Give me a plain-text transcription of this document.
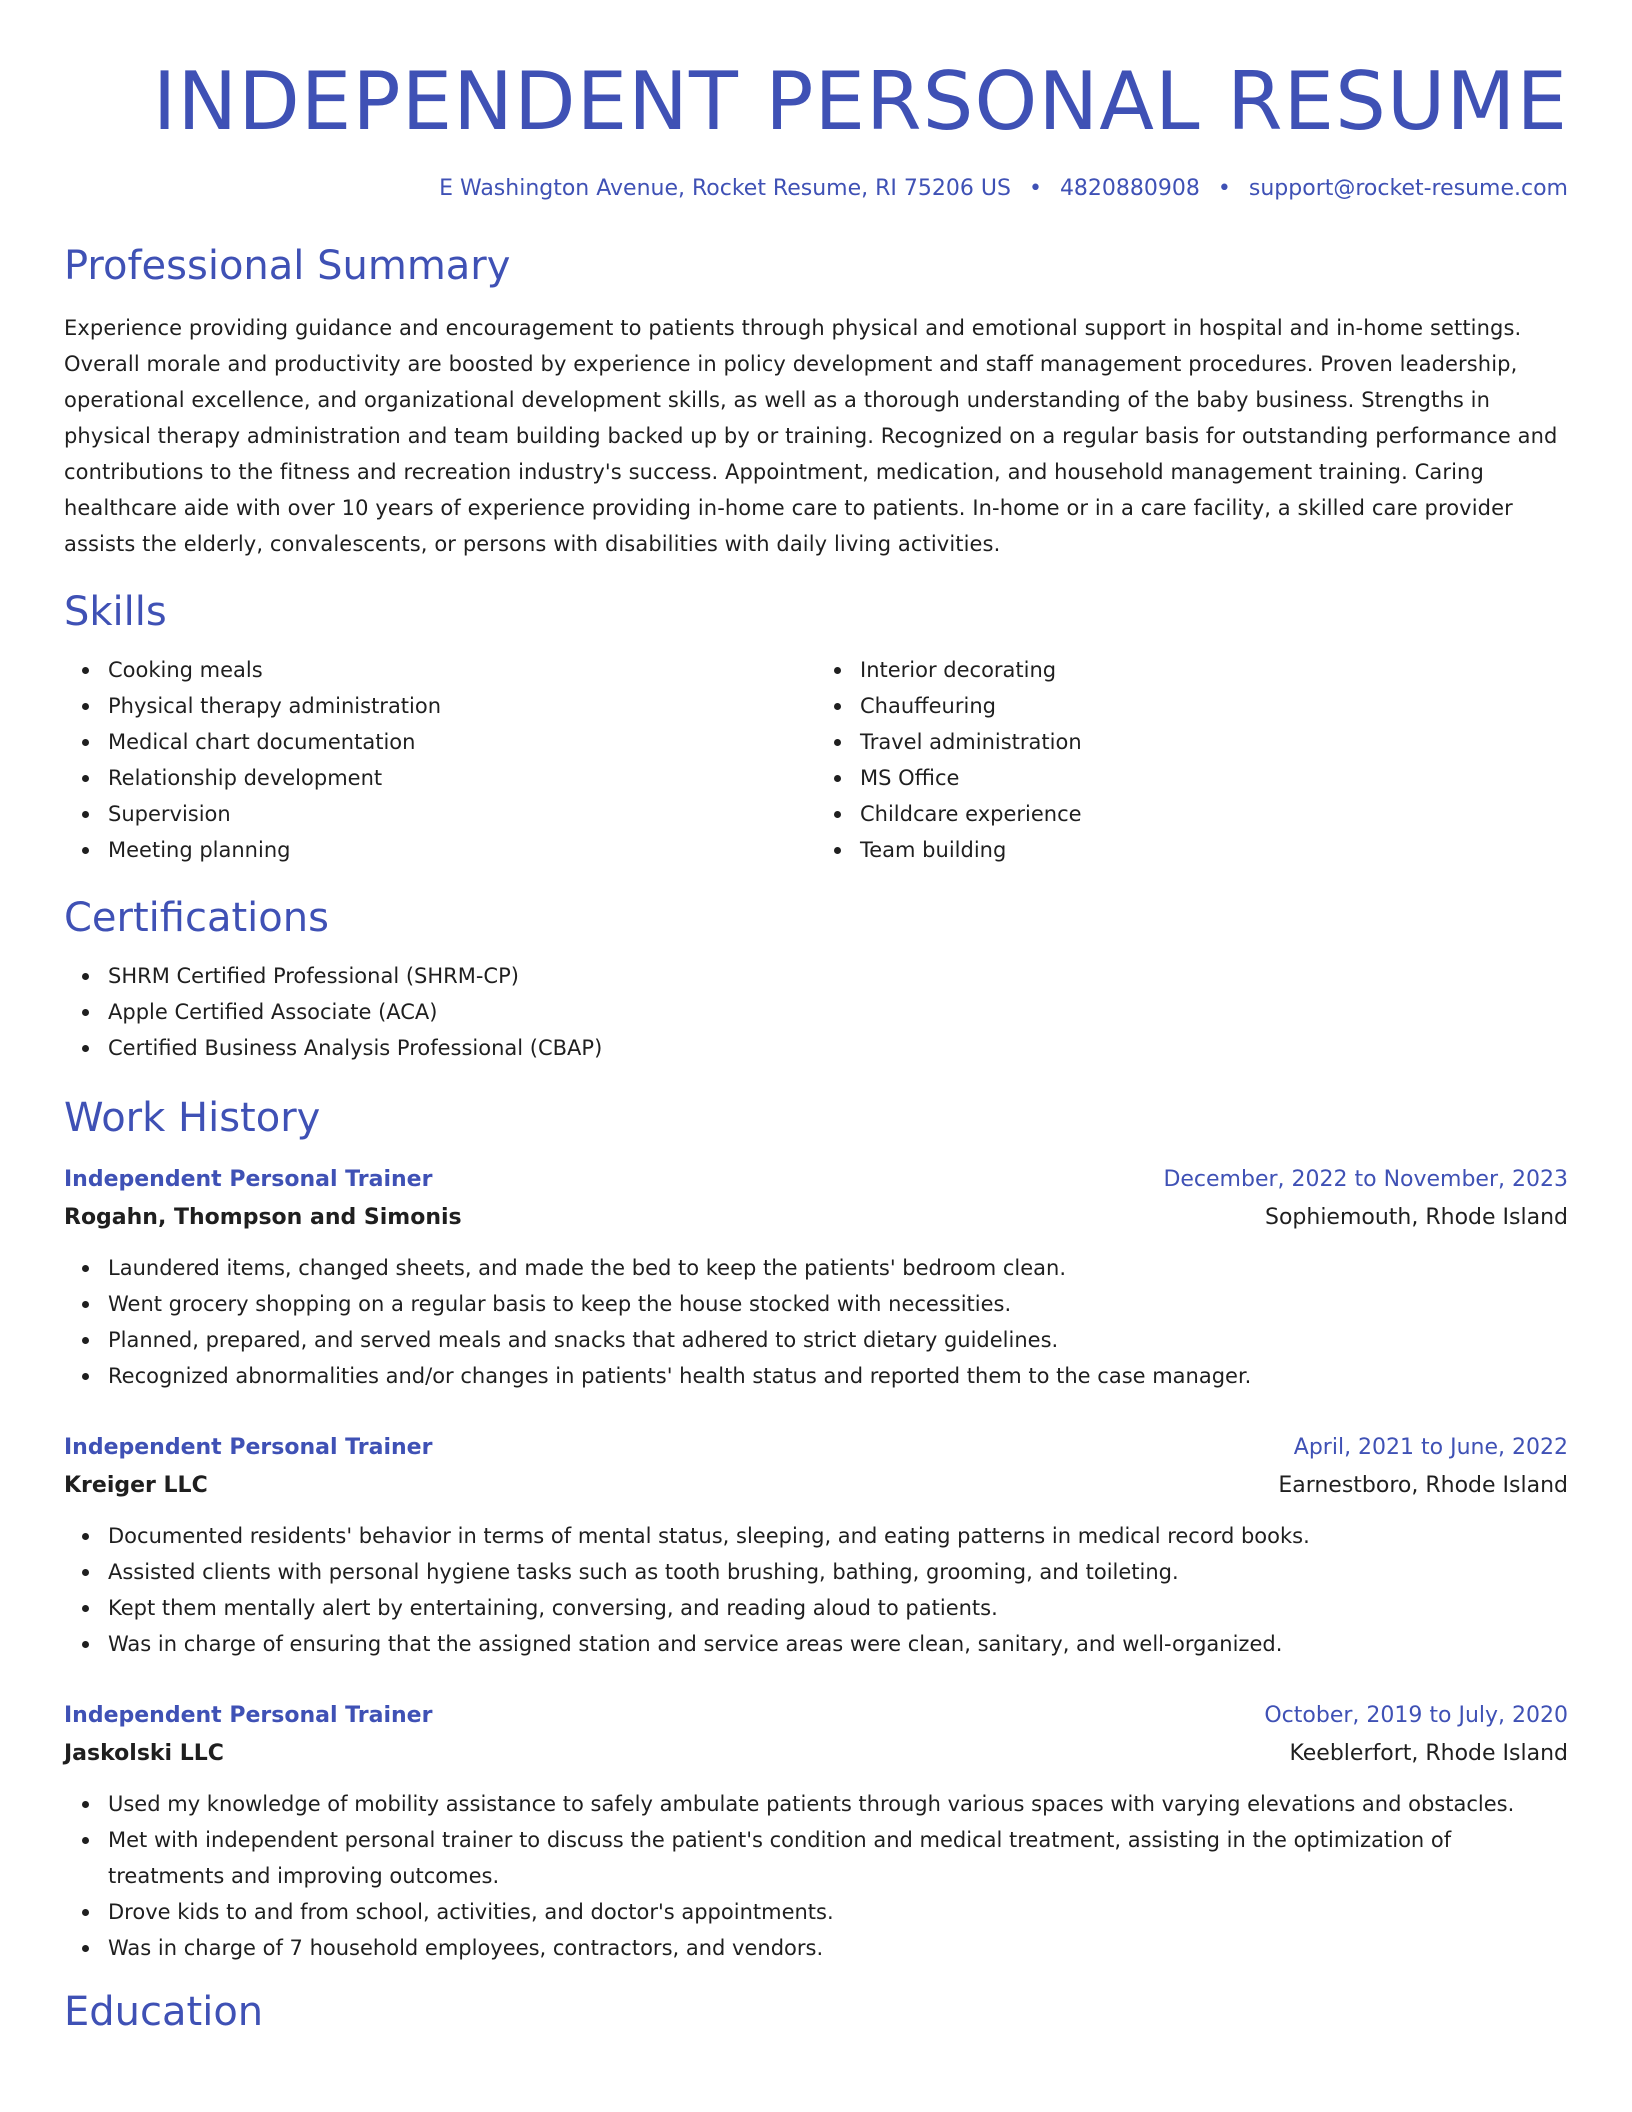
INDEPENDENT PERSONAL RESUME
E Washington Avenue, Rocket Resume, RI 75206 US • 4820880908 • support@rocket-resume.com
Professional Summary

Experience providing guidance and encouragement to patients through physical and emotional support in hospital and in-home settings. Overall morale and productivity are boosted by experience in policy development and staff management procedures. Proven leadership, operational excellence, and organizational development skills, as well as a thorough understanding of the baby business. Strengths in physical therapy administration and team building backed up by or training. Recognized on a regular basis for outstanding performance and contributions to the fitness and recreation industry's success. Appointment, medication, and household management training. Caring healthcare aide with over 10 years of experience providing in-home care to patients. In-home or in a care facility, a skilled care provider assists the elderly, convalescents, or persons with disabilities with daily living activities.

Skills
Cooking meals
Physical therapy administration
Medical chart documentation
Relationship development
Supervision
Meeting planning
Interior decorating
Chauffeuring
Travel administration
MS Office
Childcare experience
Team building
Certifications
SHRM Certified Professional (SHRM-CP)
Apple Certified Associate (ACA)
Certified Business Analysis Professional (CBAP)
Work History
Independent Personal Trainer	December, 2022 to November, 2023
Rogahn, Thompson and Simonis	Sophiemouth, Rhode Island
Laundered items, changed sheets, and made the bed to keep the patients' bedroom clean.
Went grocery shopping on a regular basis to keep the house stocked with necessities.
Planned, prepared, and served meals and snacks that adhered to strict dietary guidelines.
Recognized abnormalities and/or changes in patients' health status and reported them to the case manager.
Independent Personal Trainer	April, 2021 to June, 2022
Kreiger LLC	Earnestboro, Rhode Island
Documented residents' behavior in terms of mental status, sleeping, and eating patterns in medical record books.
Assisted clients with personal hygiene tasks such as tooth brushing, bathing, grooming, and toileting.
Kept them mentally alert by entertaining, conversing, and reading aloud to patients.
Was in charge of ensuring that the assigned station and service areas were clean, sanitary, and well-organized.
Independent Personal Trainer	October, 2019 to July, 2020
Jaskolski LLC	Keeblerfort, Rhode Island
Used my knowledge of mobility assistance to safely ambulate patients through various spaces with varying elevations and obstacles.
Met with independent personal trainer to discuss the patient's condition and medical treatment, assisting in the optimization of treatments and improving outcomes.
Drove kids to and from school, activities, and doctor's appointments.
Was in charge of 7 household employees, contractors, and vendors.
Education
